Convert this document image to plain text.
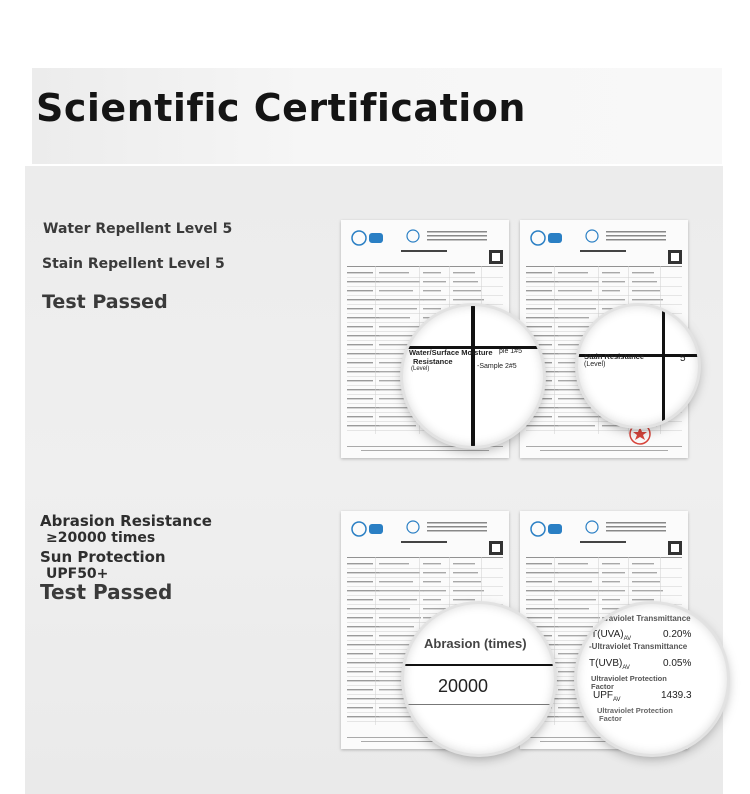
Scientific Certification
Water Repellent Level 5
Stain Repellent Level 5
Test Passed
Abrasion Resistance
≥20000 times
Sun Protection
UPF50+
Test Passed
Water/Surface Moisture
Resistance
(Level)
ple 1#5
-Sample 2#5
Stain Resistance
(Level)
5
Abrasion (times)
20000
Ultraviolet Transmittance
$T(UVA)_{AV}$	0.20%
-Ultraviolet Transmittance
$T(UVB)_{AV}$	0.05%
Ultraviolet Protection
Factor
$UPF_{AV}$	1439.3
Ultraviolet Protection
Factor
